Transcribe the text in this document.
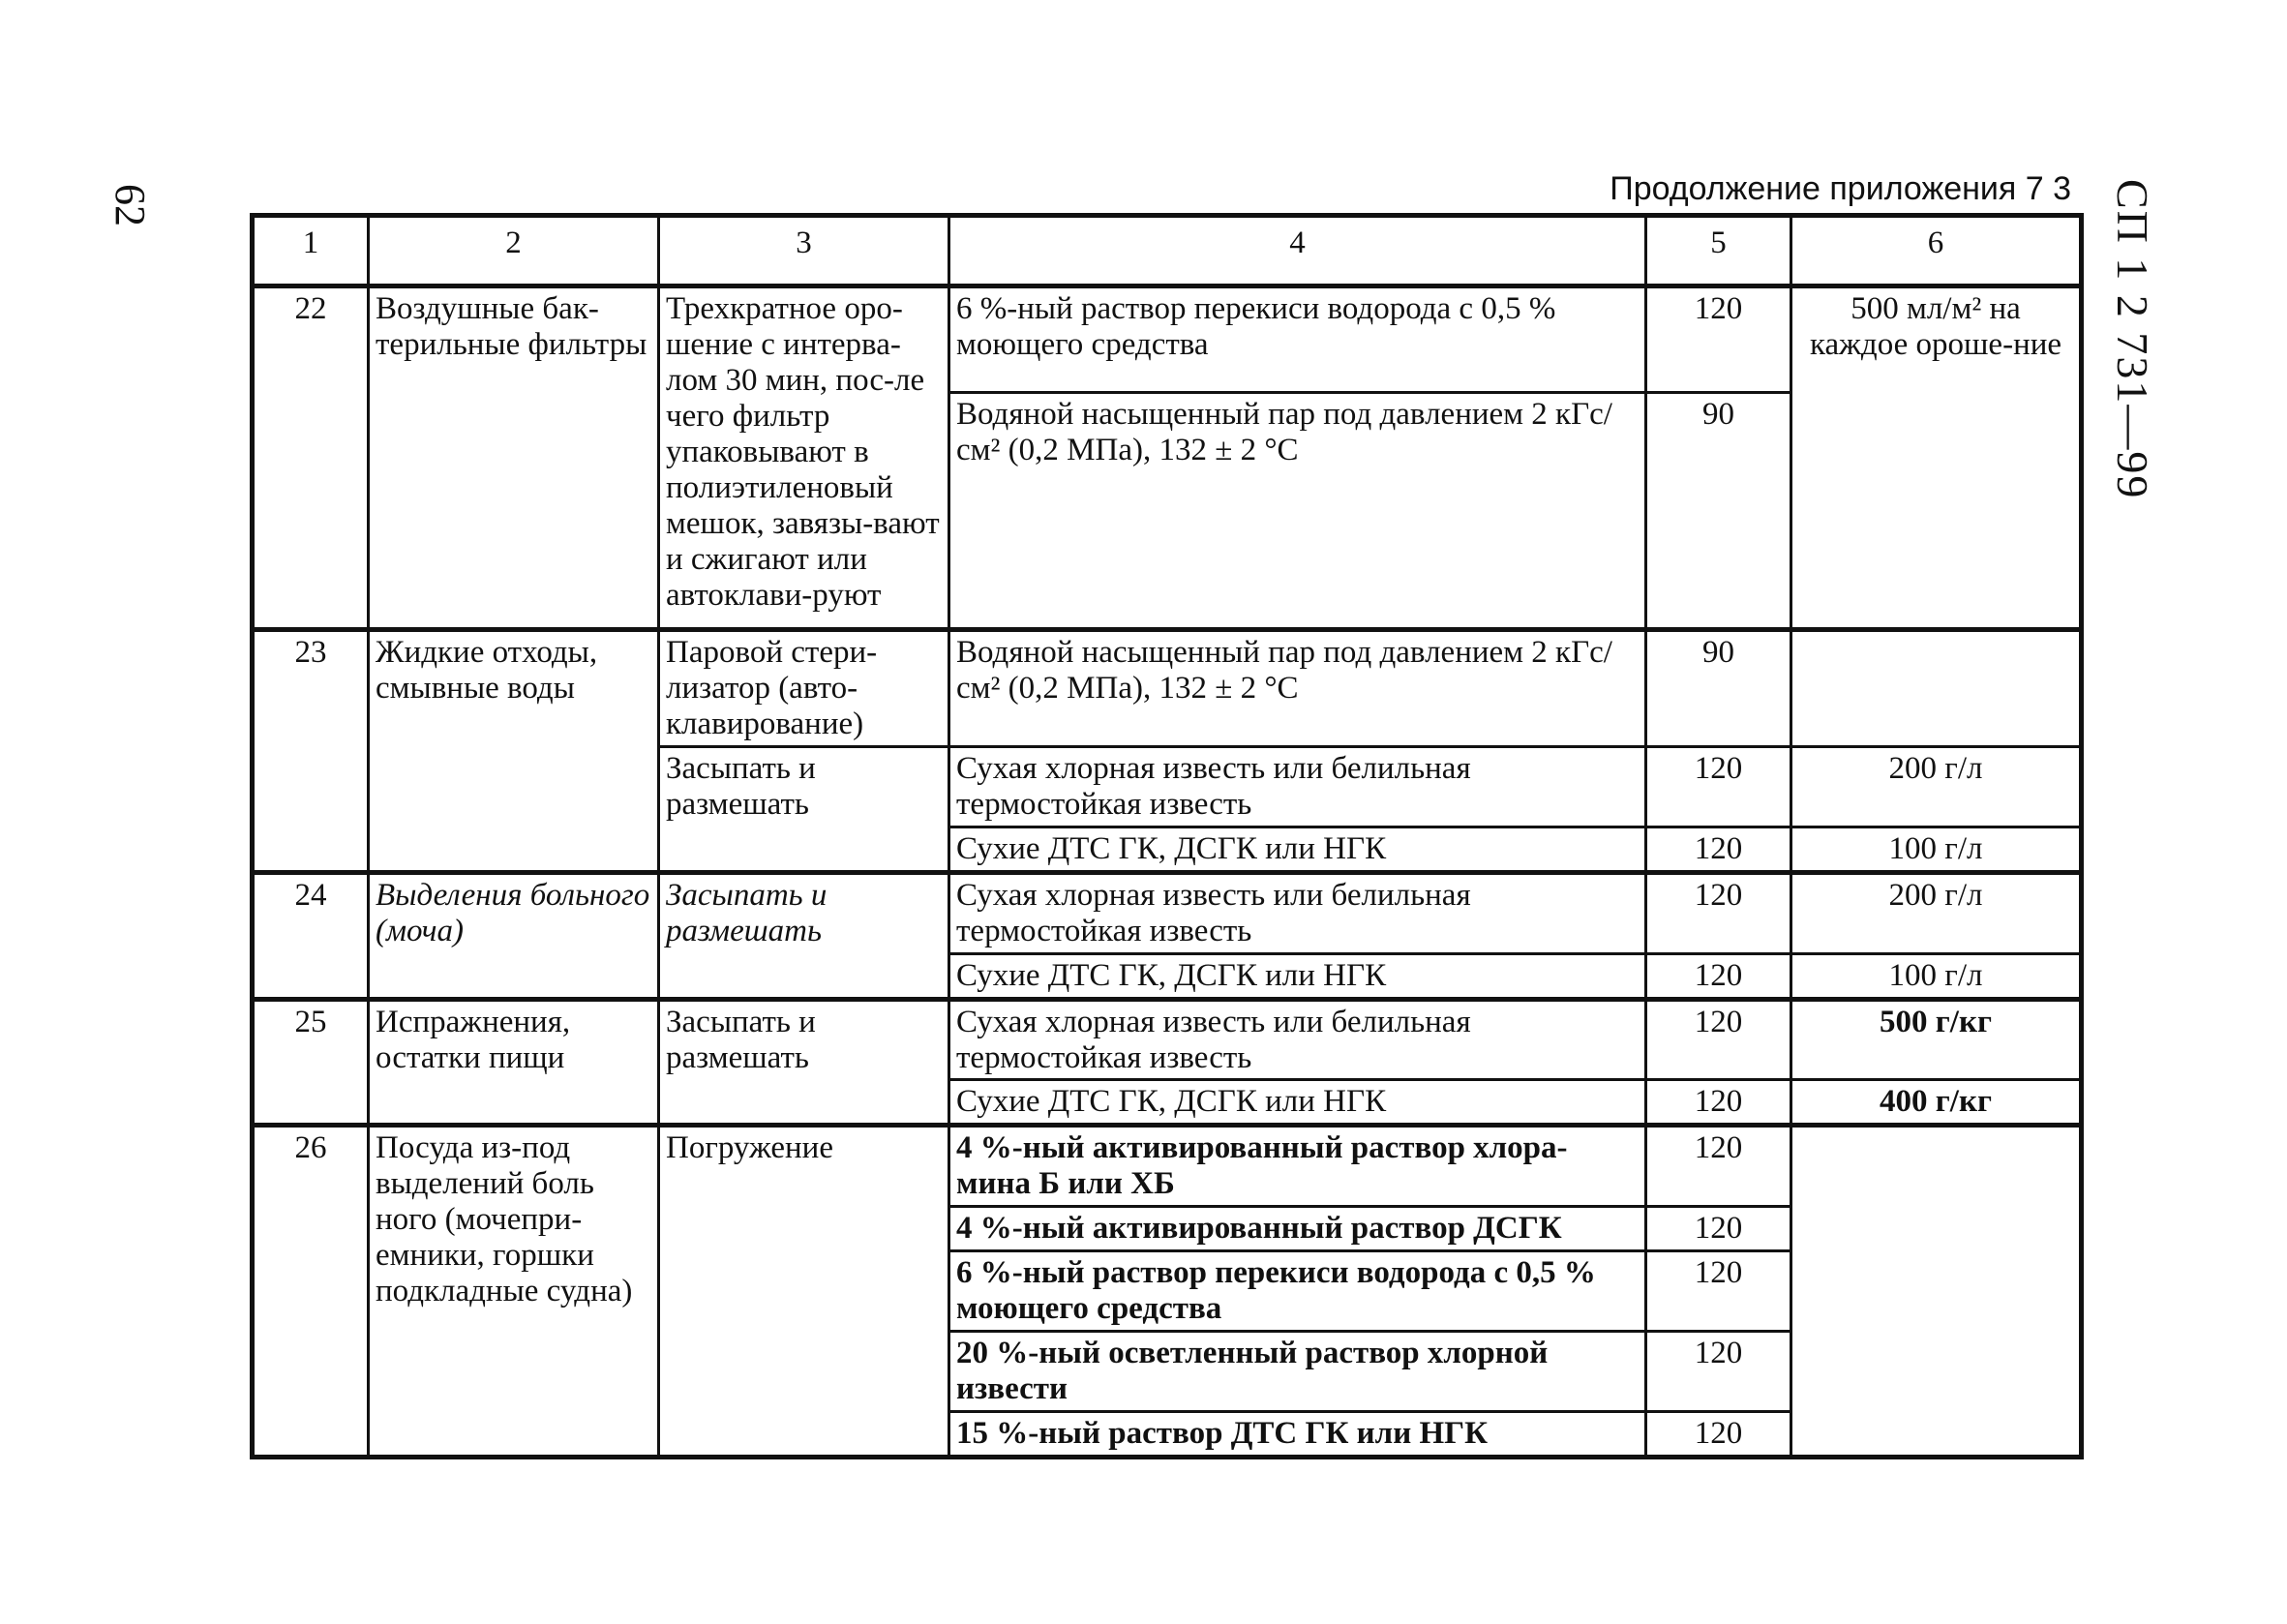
62	СП 1 2 731—99
Продолжение приложения 7 3
1	2	3	4	5	6
22	Воздушные бак-терильные фильтры	Трехкратное оро-шение с интерва-лом 30 мин, пос-ле чего фильтр упаковывают в полиэтиленовый мешок, завязы-вают и сжигают или автоклави-руют	6 %-ный раствор перекиси водорода с 0,5 % моющего средства	120	500 мл/м² на каждое ороше-ние
			Водяной насыщенный пар под давлением 2 кГс/см² (0,2 МПа), 132 ± 2 °С	90	
23	Жидкие отходы, смывные воды	Паровой стери-лизатор (авто-клавирование)	Водяной насыщенный пар под давлением 2 кГс/см² (0,2 МПа), 132 ± 2 °С	90	
		Засыпать и размешать	Сухая хлорная известь или белильная термостойкая известь	120	200 г/л
			Сухие ДТС ГК, ДСГК или НГК	120	100 г/л
24	Выделения больного (моча)	Засыпать и размешать	Сухая хлорная известь или белильная термостойкая известь	120	200 г/л
			Сухие ДТС ГК, ДСГК или НГК	120	100 г/л
25	Испражнения, остатки пищи	Засыпать и размешать	Сухая хлорная известь или белильная термостойкая известь	120	500 г/кг
			Сухие ДТС ГК, ДСГК или НГК	120	400 г/кг
26	Посуда из-под выделений боль ного (мочепри-емники, горшки подкладные судна)	Погружение	4 %-ный активированный раствор хлора-мина Б или ХБ	120	
			4 %-ный активированный раствор ДСГК	120	
			6 %-ный раствор перекиси водорода с 0,5 % моющего средства	120	
			20 %-ный осветленный раствор хлорной извести	120	
			15 %-ный раствор ДТС ГК или НГК	120	
